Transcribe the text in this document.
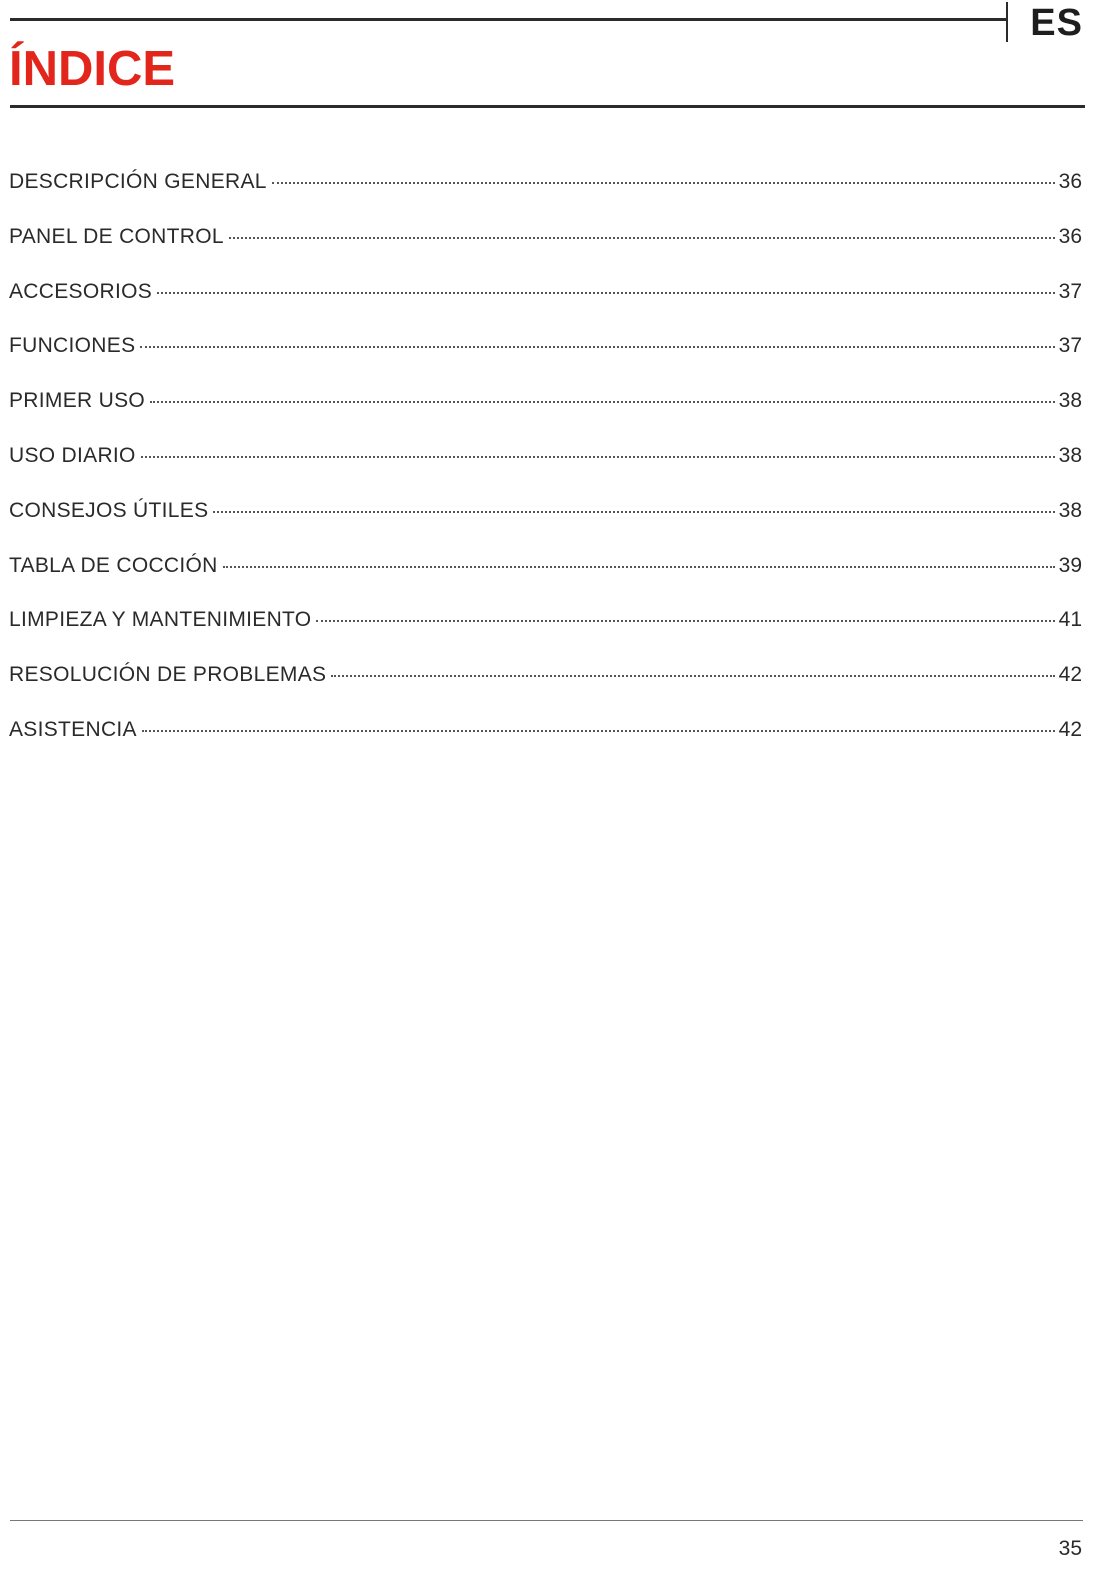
ES
ÍNDICE
DESCRIPCIÓN GENERAL	36
PANEL DE CONTROL	36
ACCESORIOS	37
FUNCIONES	37
PRIMER USO	38
USO DIARIO	38
CONSEJOS ÚTILES	38
TABLA DE COCCIÓN	39
LIMPIEZA Y MANTENIMIENTO	41
RESOLUCIÓN DE PROBLEMAS	42
ASISTENCIA	42
35
